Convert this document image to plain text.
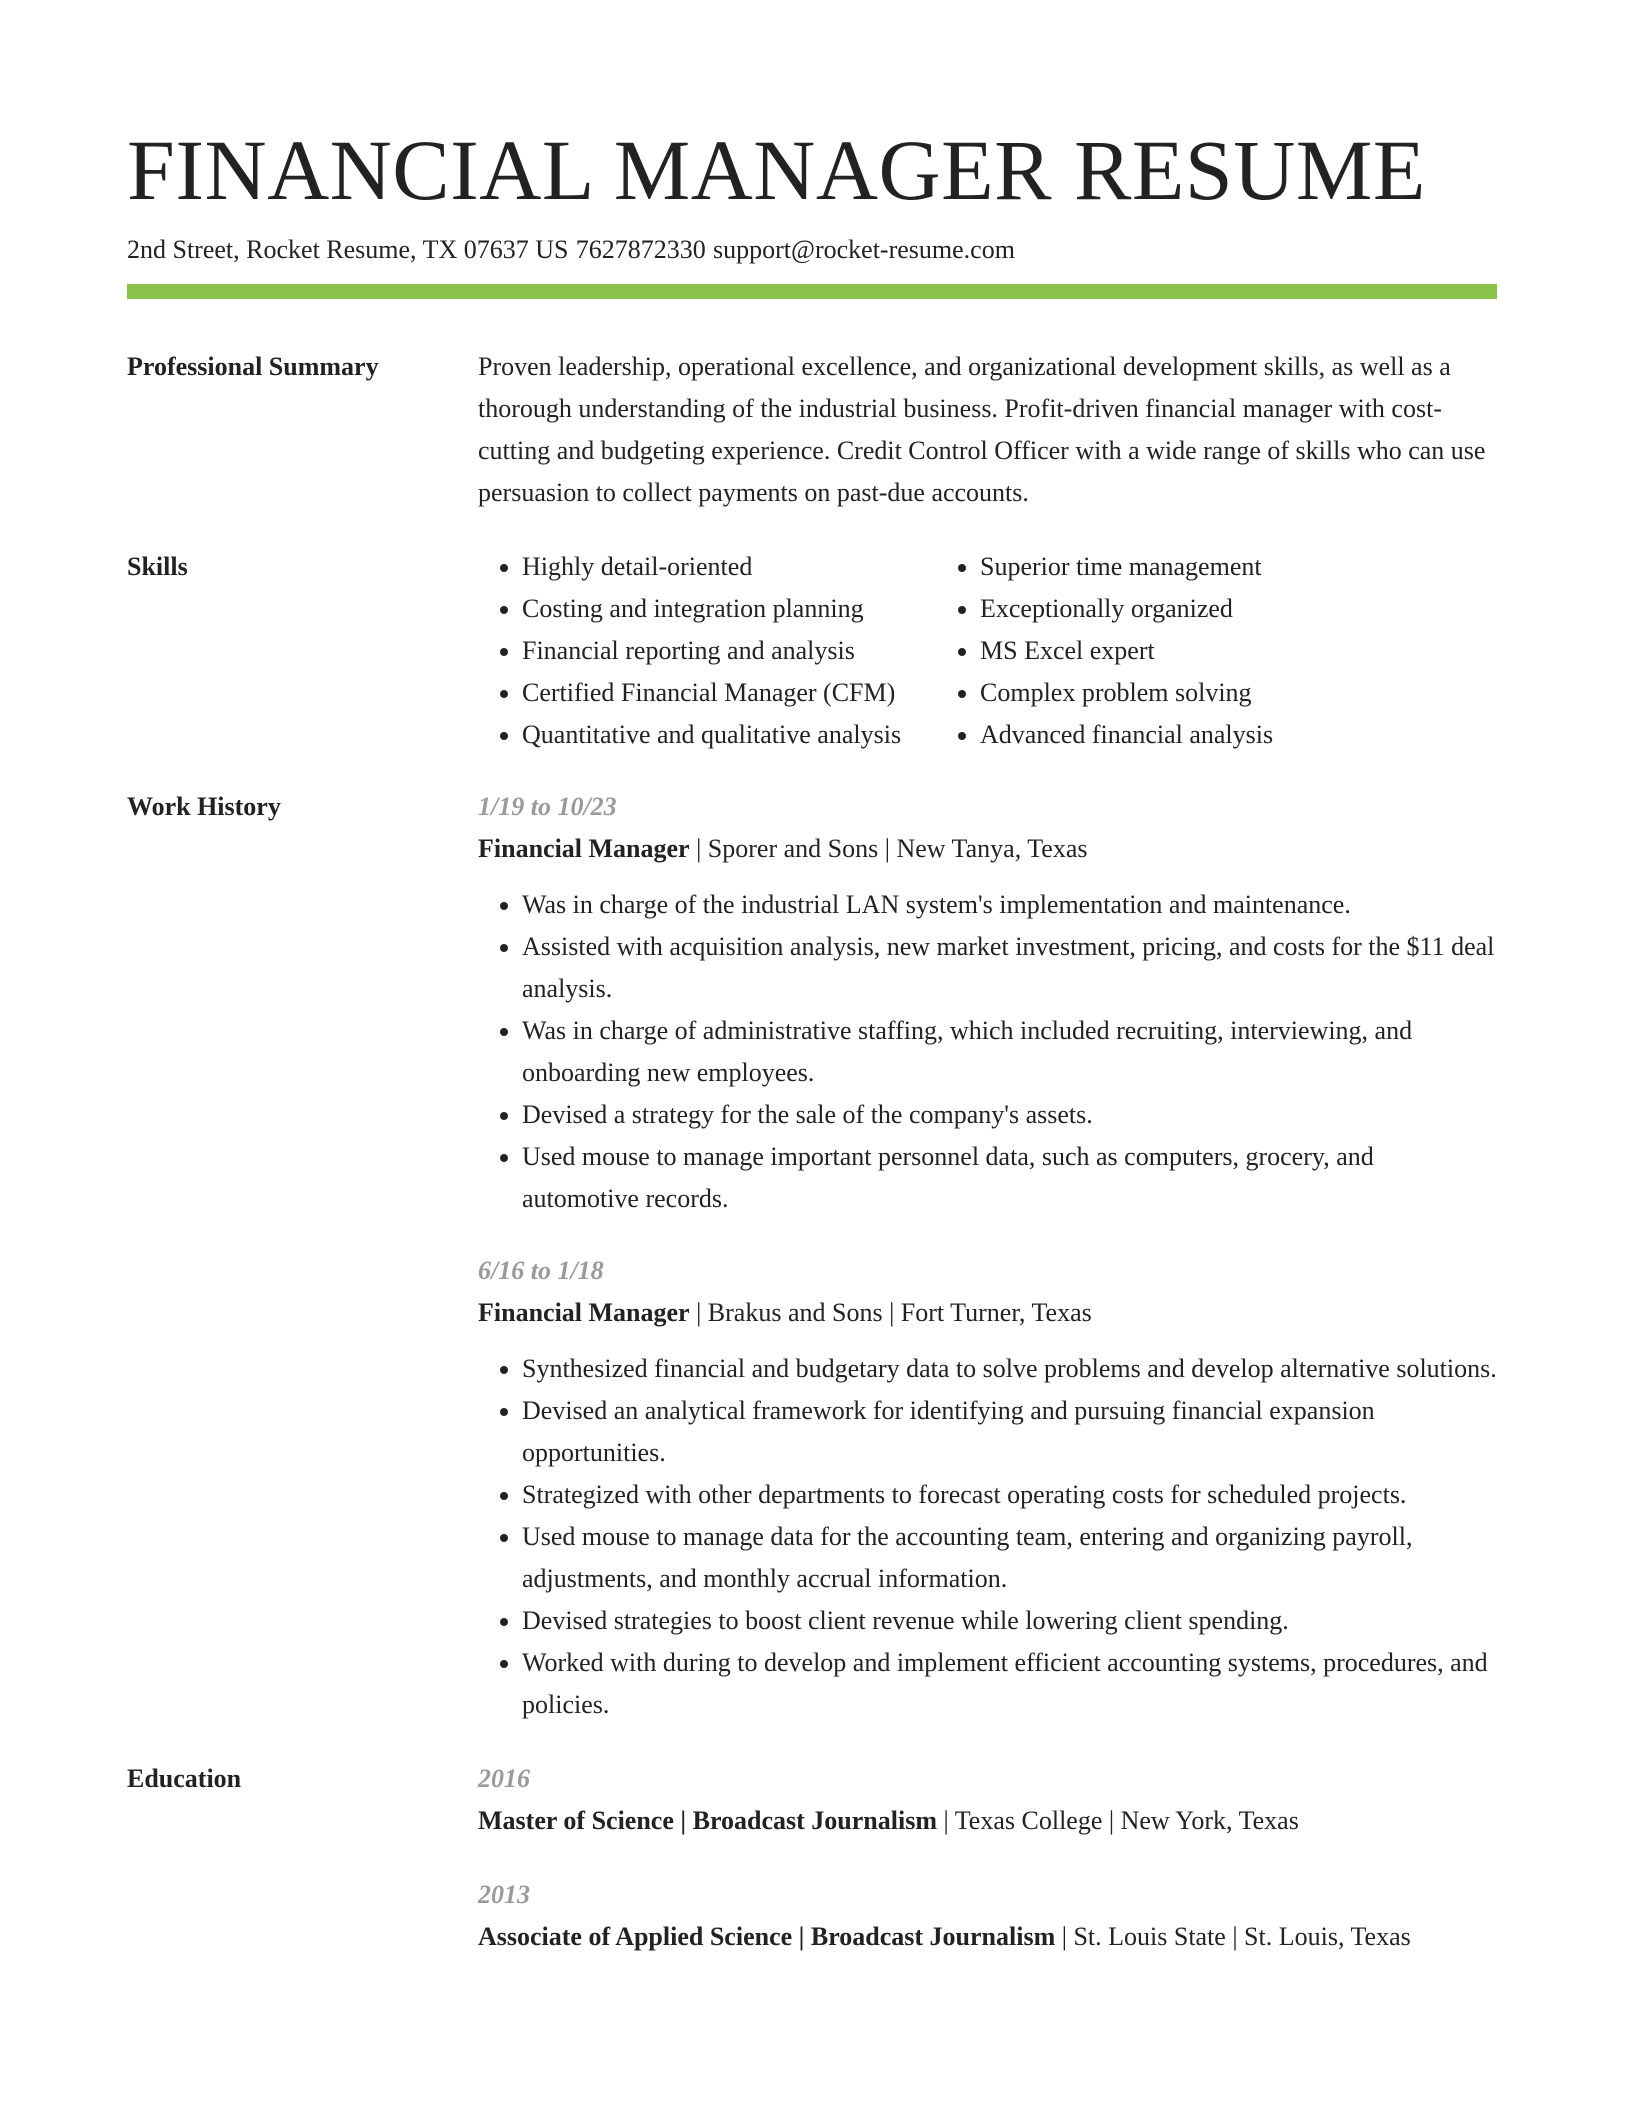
FINANCIAL MANAGER RESUME
2nd Street, Rocket Resume, TX 07637 US 7627872330 support@rocket-resume.com
Professional Summary	Proven leadership, operational excellence, and organizational development skills, as well as a thorough understanding of the industrial business. Profit-driven financial manager with cost-cutting and budgeting experience. Credit Control Officer with a wide range of skills who can use persuasion to collect payments on past-due accounts.
Skills
•	Highly detail-oriented
• Costing and integration planning
• Financial reporting and analysis
• Certified Financial Manager (CFM)
• Quantitative and qualitative analysis
• Superior time management
• Exceptionally organized
• MS Excel expert
• Complex problem solving
• Advanced financial analysis
Work History	1/19 to 10/23
Financial Manager | Sporer and Sons | New Tanya, Texas
• Was in charge of the industrial LAN system's implementation and maintenance.
• Assisted with acquisition analysis, new market investment, pricing, and costs for the $11 deal analysis.
• Was in charge of administrative staffing, which included recruiting, interviewing, and onboarding new employees.
• Devised a strategy for the sale of the company's assets.
• Used mouse to manage important personnel data, such as computers, grocery, and automotive records.
6/16 to 1/18
Financial Manager | Brakus and Sons | Fort Turner, Texas
• Synthesized financial and budgetary data to solve problems and develop alternative solutions.
• Devised an analytical framework for identifying and pursuing financial expansion opportunities.
• Strategized with other departments to forecast operating costs for scheduled projects.
• Used mouse to manage data for the accounting team, entering and organizing payroll, adjustments, and monthly accrual information.
• Devised strategies to boost client revenue while lowering client spending.
• Worked with during to develop and implement efficient accounting systems, procedures, and policies.
Education	2016
Master of Science | Broadcast Journalism | Texas College | New York, Texas
2013
Associate of Applied Science | Broadcast Journalism | St. Louis State | St. Louis, Texas
